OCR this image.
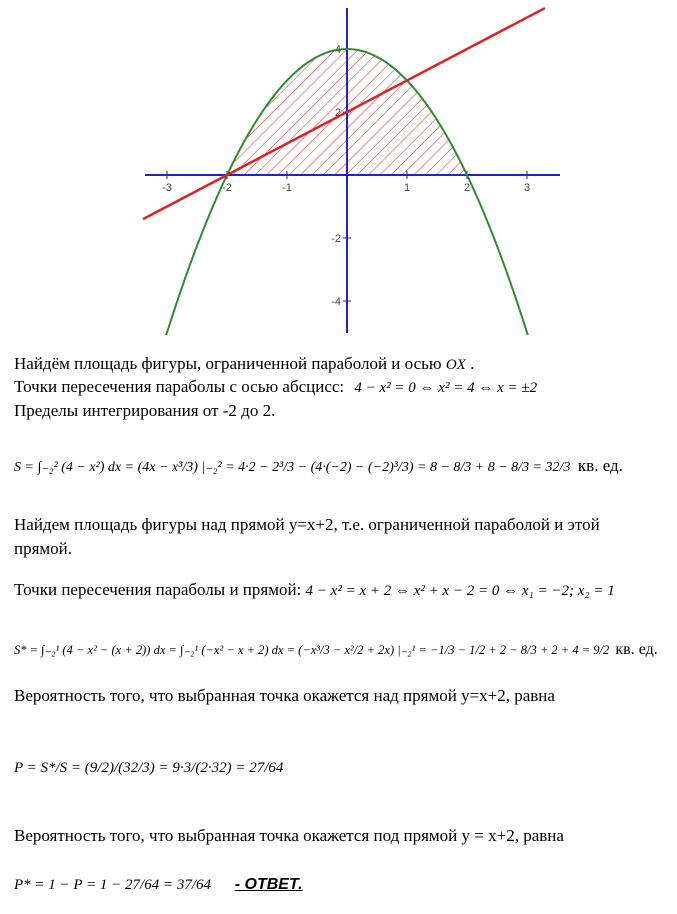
-3	-2	-1	1	2	3
4
2
-2
-4
Найдём площадь фигуры, ограниченной параболой и осью OX .
Точки пересечения параболы с осью абсцисс: 4 − x² = 0 ⇔ x² = 4 ⇔ x = ±2
Пределы интегрирования от -2 до 2.
S = ∫₋₂² (4 − x²) dx = (4x − x³/3) |₋₂² = 4·2 − 2³/3 − (4·(−2) − (−2)³/3) = 8 − 8/3 + 8 − 8/3 = 32/3 кв. ед.
Найдем площадь фигуры над прямой y=x+2, т.е. ограниченной параболой и этой
прямой.
Точки пересечения параболы и прямой: 4 − x² = x + 2 ⇔ x² + x − 2 = 0 ⇔ x₁ = −2; x₂ = 1
S* = ∫₋₂¹ (4 − x² − (x + 2)) dx = ∫₋₂¹ (−x² − x + 2) dx = (−x³/3 − x²/2 + 2x) |₋₂¹ = −1/3 − 1/2 + 2 − 8/3 + 2 + 4 = 9/2 кв. ед.
Вероятность того, что выбранная точка окажется над прямой y=x+2, равна
P = S*/S = (9/2)/(32/3) = 9·3/(2·32) = 27/64
Вероятность того, что выбранная точка окажется под прямой y = x+2, равна
P* = 1 − P = 1 − 27/64 = 37/64 - ОТВЕТ.
